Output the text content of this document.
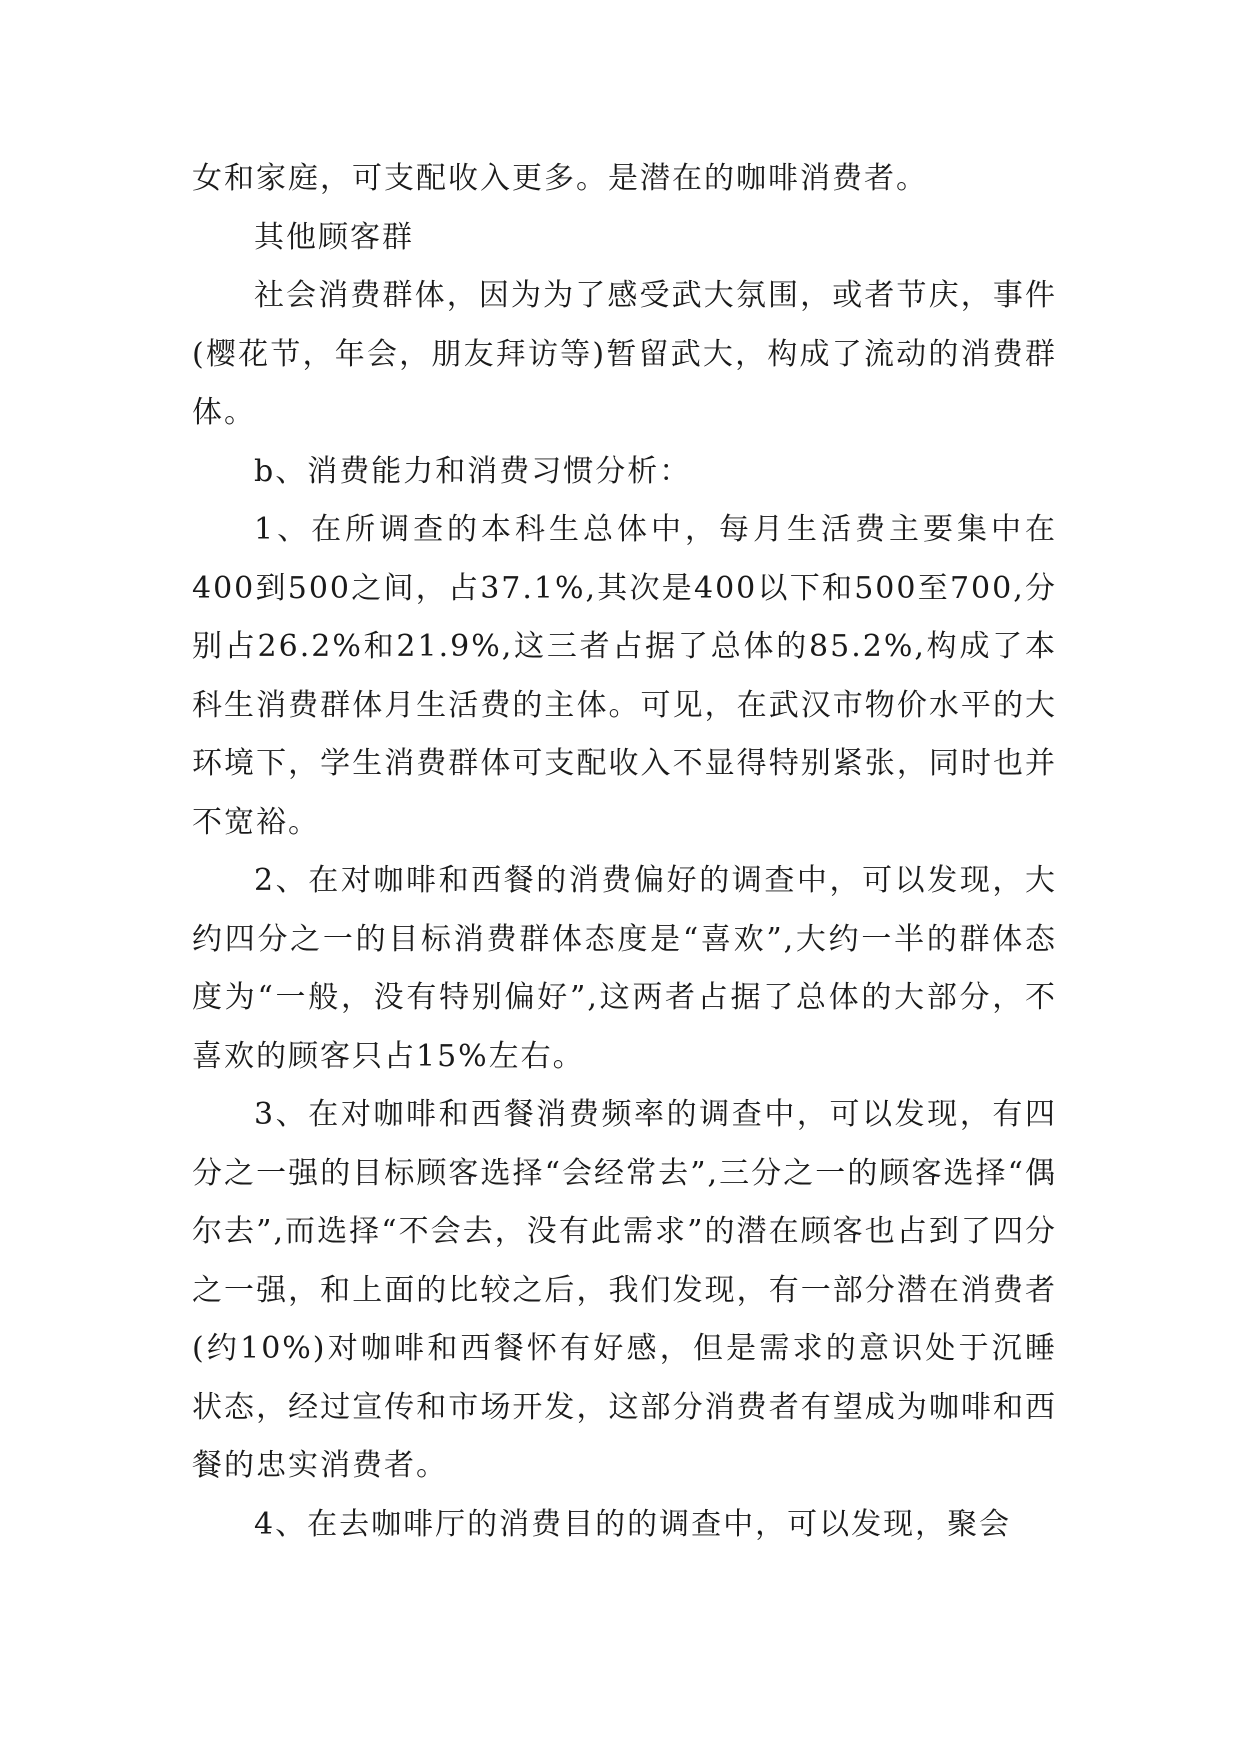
女和家庭，可支配收入更多。是潜在的咖啡消费者。

其他顾客群

社会消费群体，因为为了感受武大氛围，或者节庆，事件(樱花节，年会，朋友拜访等)暂留武大，构成了流动的消费群体。

b、消费能力和消费习惯分析：

1、在所调查的本科生总体中，每月生活费主要集中在400到500之间，占37.1%,其次是400以下和500至700,分别占26.2%和21.9%,这三者占据了总体的85.2%,构成了本科生消费群体月生活费的主体。可见，在武汉市物价水平的大环境下，学生消费群体可支配收入不显得特别紧张，同时也并不宽裕。

2、在对咖啡和西餐的消费偏好的调查中，可以发现，大约四分之一的目标消费群体态度是“喜欢”,大约一半的群体态度为“一般，没有特别偏好”,这两者占据了总体的大部分，不喜欢的顾客只占15%左右。

3、在对咖啡和西餐消费频率的调查中，可以发现，有四分之一强的目标顾客选择“会经常去”,三分之一的顾客选择“偶尔去”,而选择“不会去，没有此需求”的潜在顾客也占到了四分之一强，和上面的比较之后，我们发现，有一部分潜在消费者(约10%)对咖啡和西餐怀有好感，但是需求的意识处于沉睡状态，经过宣传和市场开发，这部分消费者有望成为咖啡和西餐的忠实消费者。

4、在去咖啡厅的消费目的的调查中，可以发现，聚会
